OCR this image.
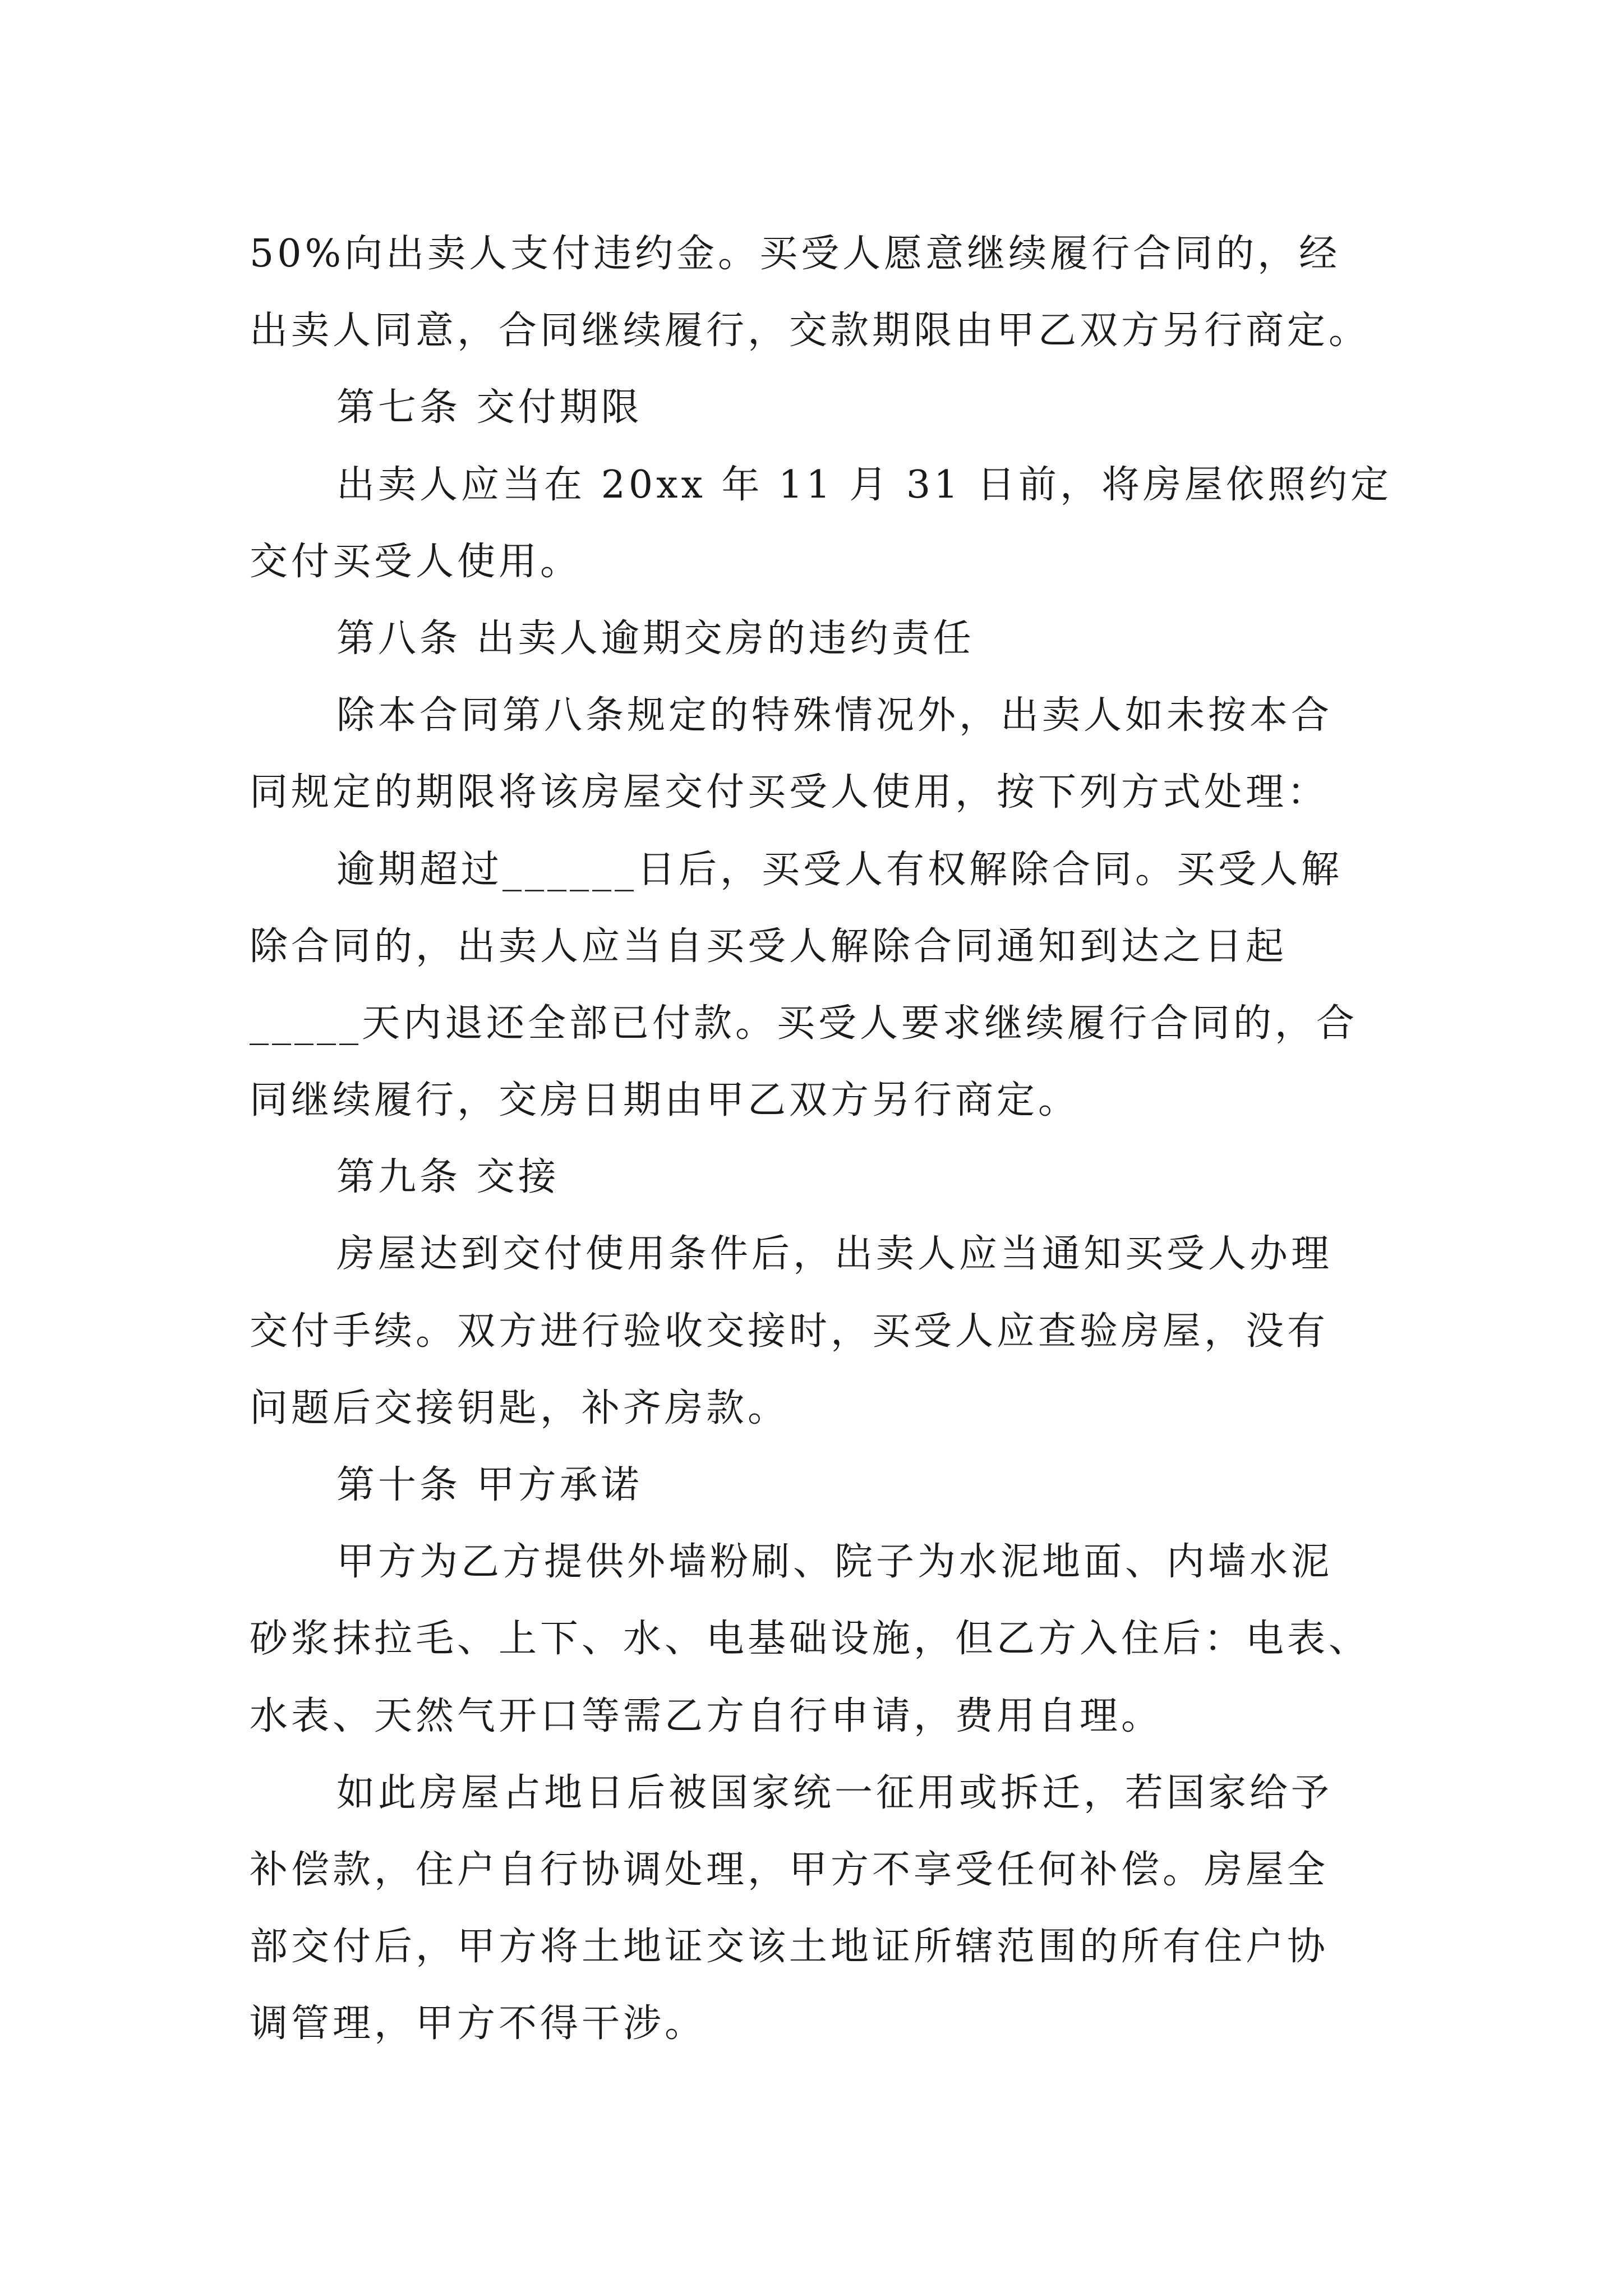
50%向出卖人支付违约金。买受人愿意继续履行合同的，经
出卖人同意，合同继续履行，交款期限由甲乙双方另行商定。
第七条 交付期限
出卖人应当在 20xx 年 11 月 31 日前，将房屋依照约定
交付买受人使用。
第八条 出卖人逾期交房的违约责任
除本合同第八条规定的特殊情况外，出卖人如未按本合
同规定的期限将该房屋交付买受人使用，按下列方式处理：
逾期超过______日后，买受人有权解除合同。买受人解
除合同的，出卖人应当自买受人解除合同通知到达之日起
_____天内退还全部已付款。买受人要求继续履行合同的，合
同继续履行，交房日期由甲乙双方另行商定。
第九条 交接
房屋达到交付使用条件后，出卖人应当通知买受人办理
交付手续。双方进行验收交接时，买受人应查验房屋，没有
问题后交接钥匙，补齐房款。
第十条 甲方承诺
甲方为乙方提供外墙粉刷、院子为水泥地面、内墙水泥
砂浆抹拉毛、上下、水、电基础设施，但乙方入住后：电表、
水表、天然气开口等需乙方自行申请，费用自理。
如此房屋占地日后被国家统一征用或拆迁，若国家给予
补偿款，住户自行协调处理，甲方不享受任何补偿。房屋全
部交付后，甲方将土地证交该土地证所辖范围的所有住户协
调管理，甲方不得干涉。
